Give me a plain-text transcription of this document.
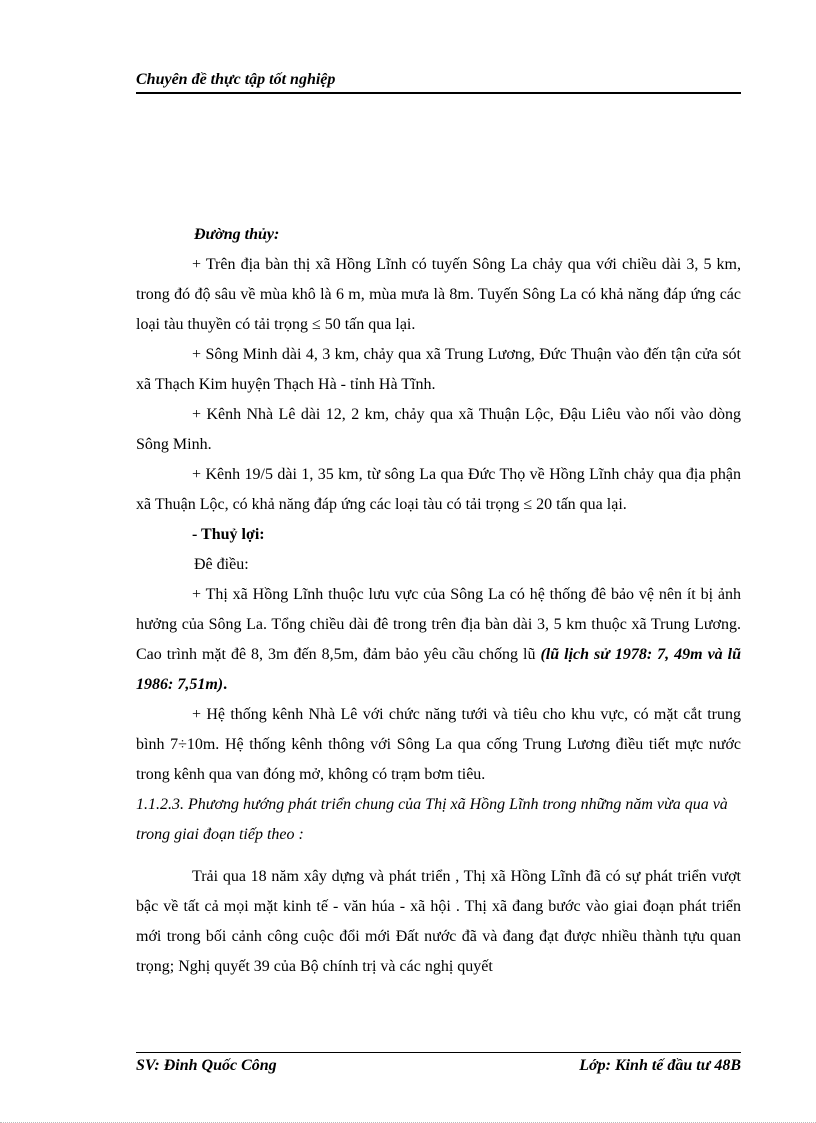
Chuyên đề thực tập tốt nghiệp

Đường thủy:

+ Trên địa bàn thị xã Hồng Lĩnh có tuyến Sông La chảy qua với chiều dài 3, 5 km, trong đó độ sâu về mùa khô là 6 m, mùa mưa là 8m. Tuyến Sông La có khả năng đáp ứng các loại tàu thuyền có tải trọng ≤ 50 tấn qua lại.

+ Sông Minh dài 4, 3 km, chảy qua xã Trung Lương, Đức Thuận vào đến tận cửa sót xã Thạch Kim huyện Thạch Hà - tỉnh Hà Tĩnh.

+ Kênh Nhà Lê dài 12, 2 km, chảy qua xã Thuận Lộc, Đậu Liêu vào nối vào dòng Sông Minh.

+ Kênh 19/5 dài 1, 35 km, từ sông La qua Đức Thọ về Hồng Lĩnh chảy qua địa phận xã Thuận Lộc, có khả năng đáp ứng các loại tàu có tải trọng ≤ 20 tấn qua lại.

- Thuỷ lợi:

Đê điều:

+ Thị xã Hồng Lĩnh thuộc lưu vực của Sông La có hệ thống đê bảo vệ nên ít bị ảnh hưởng của Sông La. Tổng chiều dài đê trong trên địa bàn dài 3, 5 km thuộc xã Trung Lương. Cao trình mặt đê 8, 3m đến 8,5m, đảm bảo yêu cầu chống lũ (lũ lịch sử 1978: 7, 49m và lũ 1986: 7,51m).

+ Hệ thống kênh Nhà Lê với chức năng tưới và tiêu cho khu vực, có mặt cắt trung bình 7÷10m. Hệ thống kênh thông với Sông La qua cống Trung Lương điều tiết mực nước trong kênh qua van đóng mở, không có trạm bơm tiêu.

1.1.2.3. Phương hướng phát triển chung của Thị xã Hồng Lĩnh trong những năm vừa qua và trong giai đoạn tiếp theo :

Trải qua 18 năm xây dựng và phát triển , Thị xã Hồng Lĩnh đã có sự phát triển vượt bậc về tất cả mọi mặt kinh tế - văn húa - xã hội . Thị xã đang bước vào giai đoạn phát triển mới trong bối cảnh công cuộc đổi mới Đất nước đã và đang đạt được nhiều thành tựu quan trọng; Nghị quyết 39 của Bộ chính trị và các nghị quyết

SV: Đinh Quốc Công	Lớp: Kinh tế đầu tư 48B
